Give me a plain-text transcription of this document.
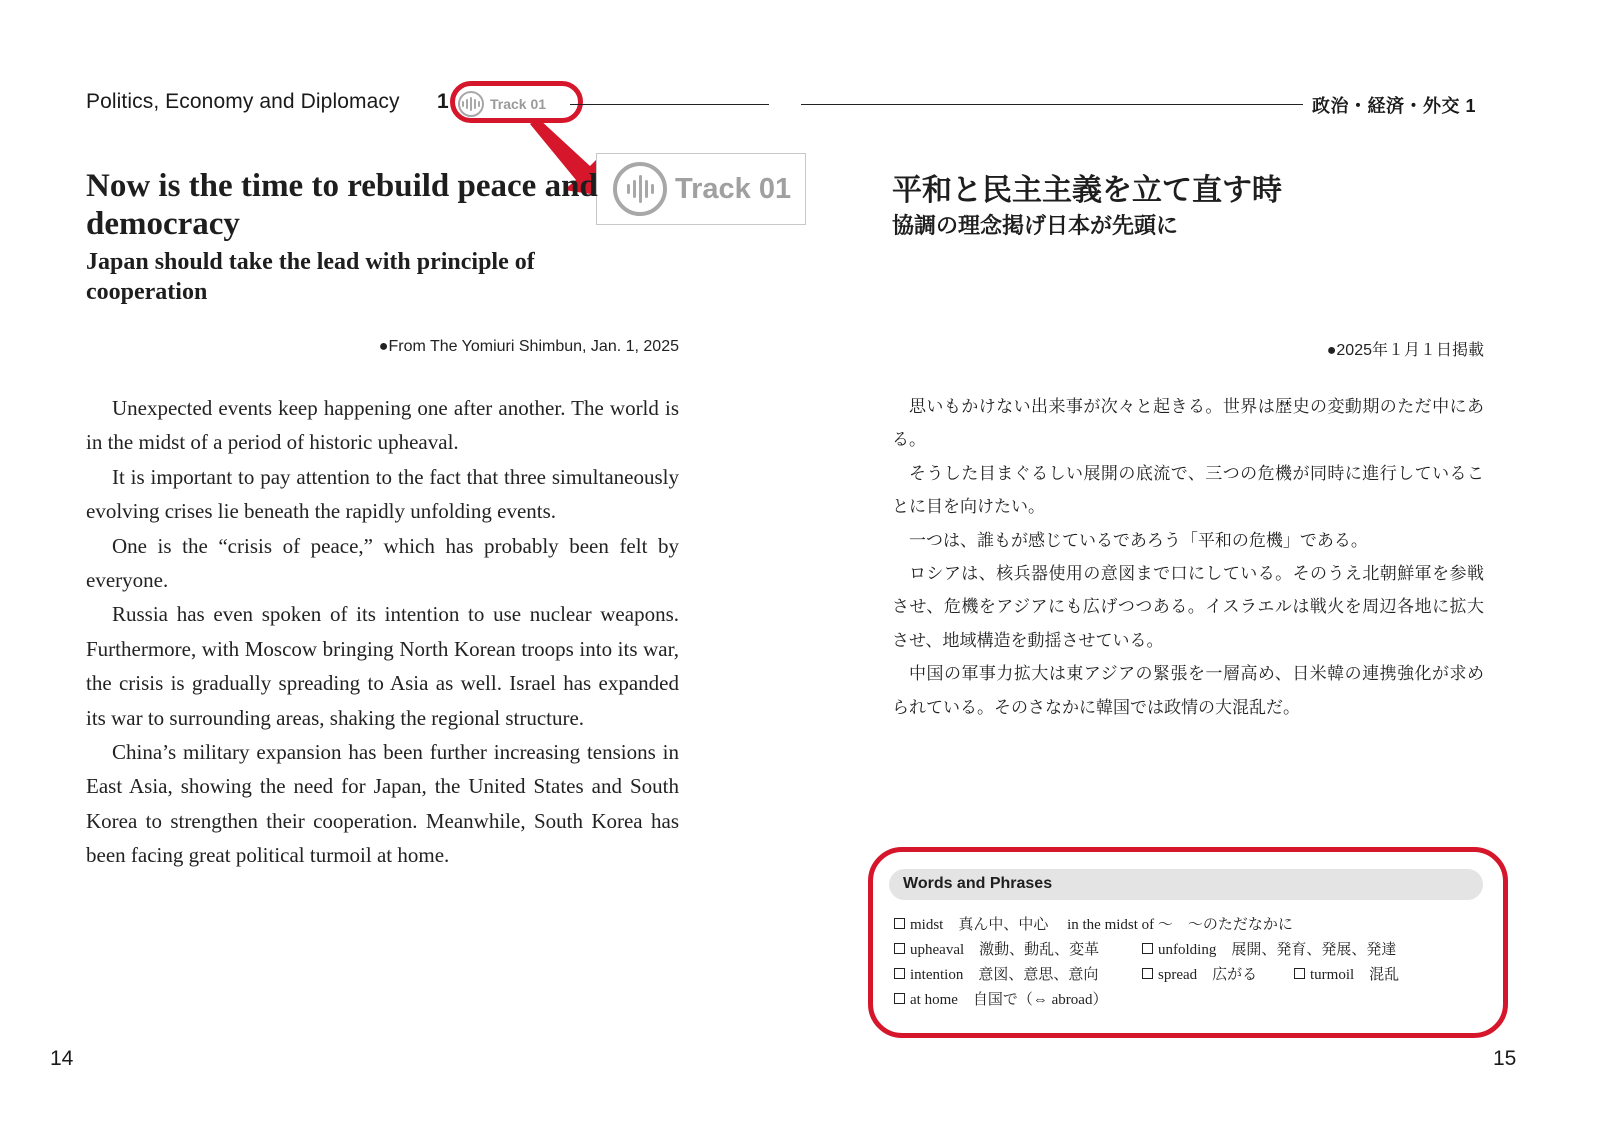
Politics, Economy and Diplomacy 1	Track 01
Track 01
Now is the time to rebuild peace and democracy
Japan should take the lead with principle of cooperation
●From The Yomiuri Shimbun, Jan. 1, 2025

Unexpected events keep happening one after another. The world is in the midst of a period of historic upheaval.

It is important to pay attention to the fact that three simultaneously evolving crises lie beneath the rapidly unfolding events.

One is the “crisis of peace,” which has probably been felt by everyone.

Russia has even spoken of its intention to use nuclear weapons. Furthermore, with Moscow bringing North Korean troops into its war, the crisis is gradually spreading to Asia as well. Israel has expanded its war to surrounding areas, shaking the regional structure.

China’s military expansion has been further increasing tensions in East Asia, showing the need for Japan, the United States and South Korea to strengthen their cooperation. Meanwhile, South Korea has been facing great political turmoil at home.

14
政治・経済・外交 1
平和と民主主義を立て直す時
協調の理念掲げ日本が先頭に
●2025年１月１日掲載

思いもかけない出来事が次々と起きる。世界は歴史の変動期のただ中にある。

そうした目まぐるしい展開の底流で、三つの危機が同時に進行していることに目を向けたい。

一つは、誰もが感じているであろう「平和の危機」である。

ロシアは、核兵器使用の意図まで口にしている。そのうえ北朝鮮軍を参戦させ、危機をアジアにも広げつつある。イスラエルは戦火を周辺各地に拡大させ、地域構造を動揺させている。

中国の軍事力拡大は東アジアの緊張を一層高め、日米韓の連携強化が求められている。そのさなかに韓国では政情の大混乱だ。

Words and Phrases
midst　真ん中、中心　 in the midst of ～　～のただなかに
upheaval　激動、動乱、変革	unfolding　展開、発育、発展、発達
intention　意図、意思、意向	spread　広がる	turmoil　混乱
at home　自国で（⇔ abroad）
15
